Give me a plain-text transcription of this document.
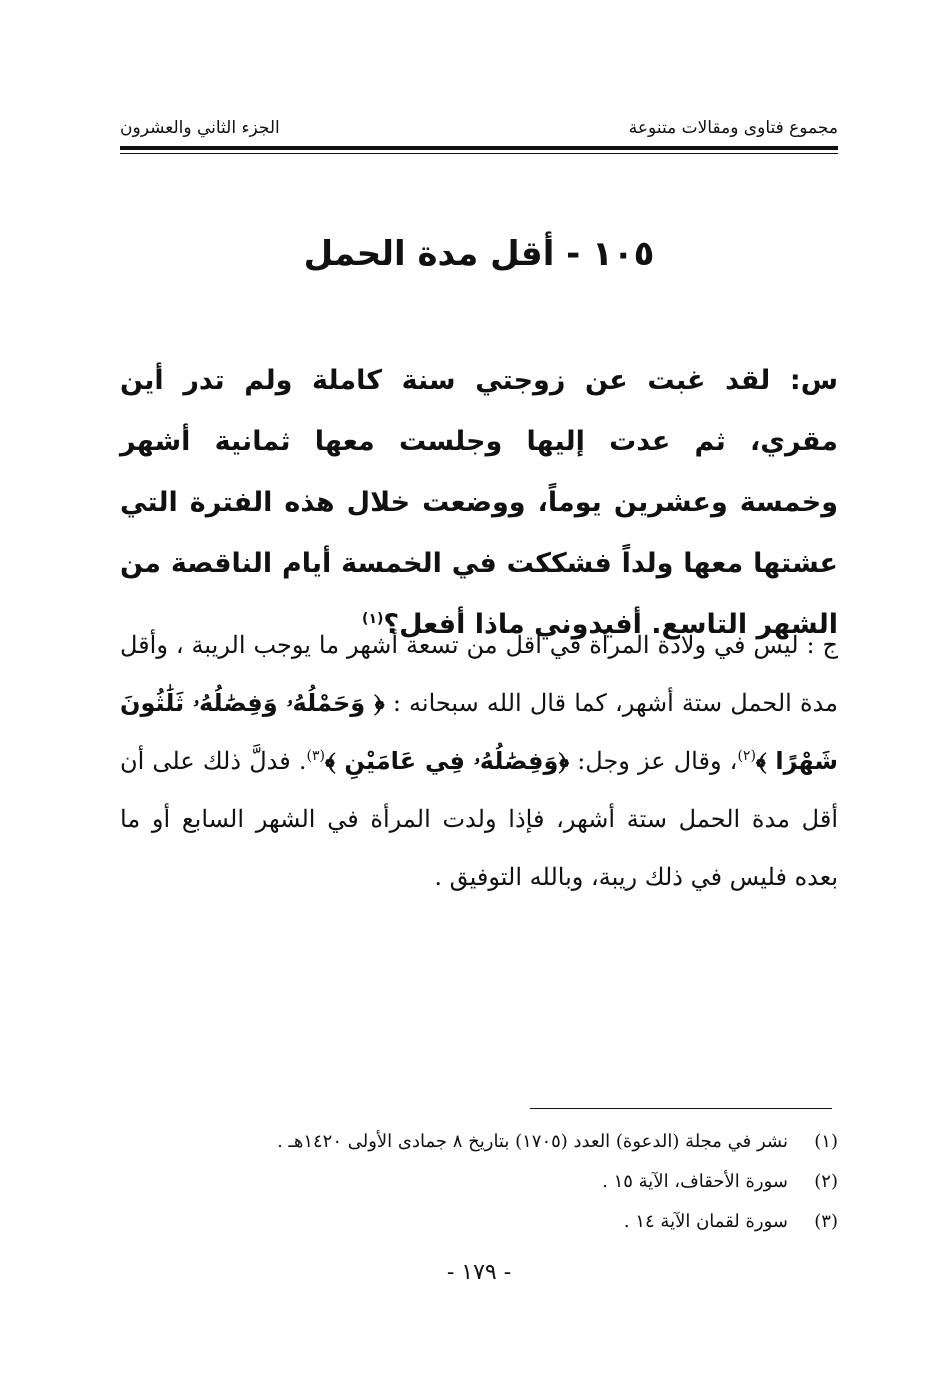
مجموع فتاوى ومقالات متنوعة
الجزء الثاني والعشرون
١٠٥ - أقل مدة الحمل
س: لقد غبت عن زوجتي سنة كاملة ولم تدر أين مقري، ثم عدت إليها وجلست معها ثمانية أشهر وخمسة وعشرين يوماً، ووضعت خلال هذه الفترة التي عشتها معها ولداً فشككت في الخمسة أيام الناقصة من الشهر التاسع. أفيدوني ماذا أفعل؟$^{(١)}$
ج : ليس في ولادة المرأة في أقل من تسعة أشهر ما يوجب الريبة ، وأقل مدة الحمل ستة أشهر، كما قال الله سبحانه : ﴿ وَحَمْلُهُۥ وَفِصَٰلُهُۥ ثَلَٰثُونَ شَهْرًا ﴾$^{(٢)}$، وقال عز وجل: ﴿وَفِصَٰلُهُۥ فِي عَامَيْنِ ﴾$^{(٣)}$. فدلَّ ذلك على أن أقل مدة الحمل ستة أشهر، فإذا ولدت المرأة في الشهر السابع أو ما بعده فليس في ذلك ريبة، وبالله التوفيق .
(١)
نشر في مجلة (الدعوة) العدد (١٧٠٥) بتاريخ ٨ جمادى الأولى ١٤٢٠هـ .
(٢)
سورة الأحقاف، الآية ١٥ .
(٣)
سورة لقمان الآية ١٤ .
- ١٧٩ -
